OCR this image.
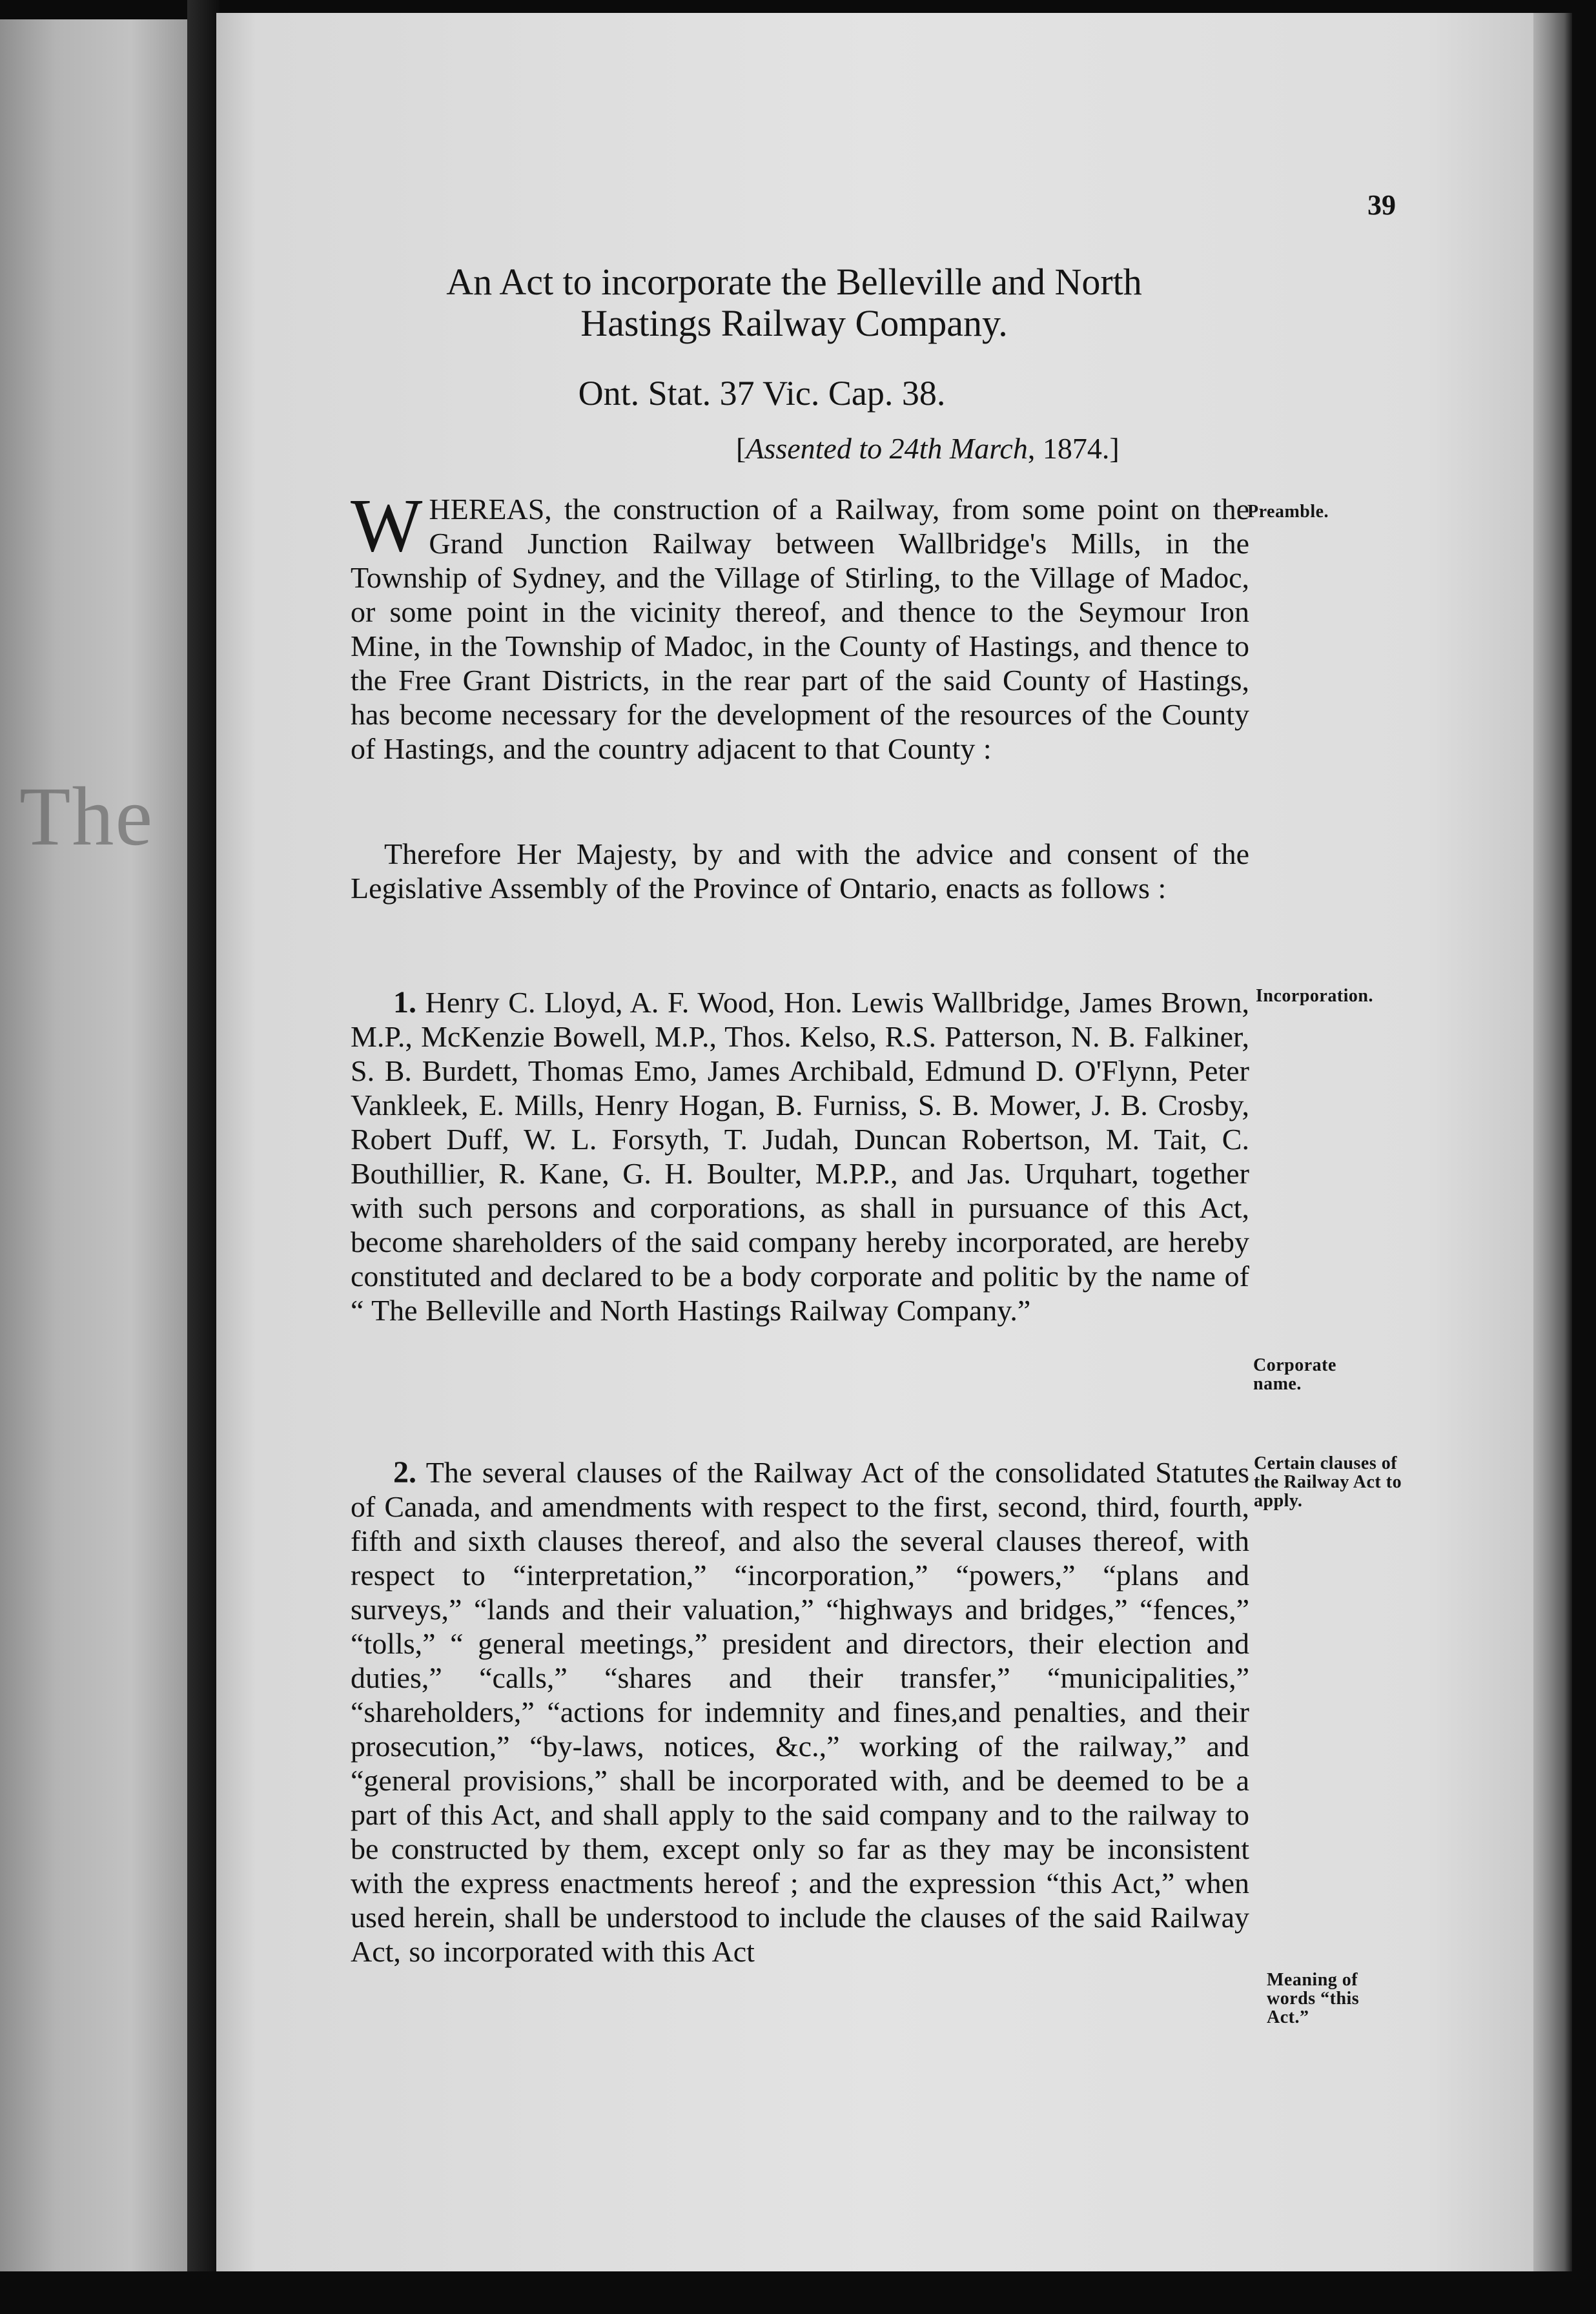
The
39
An Act to incorporate the Belleville and North
Hastings Railway Company.
Ont. Stat. 37 Vic. Cap. 38.
[Assented to 24th March, 1874.]
WHEREAS, the construction of a Railway, from some point on the Grand Junction Railway between Wallbridge's Mills, in the Township of Sydney, and the Village of Stirling, to the Village of Madoc, or some point in the vicinity thereof, and thence to the Seymour Iron Mine, in the Township of Madoc, in the County of Hastings, and thence to the Free Grant Districts, in the rear part of the said County of Hastings, has become necessary for the development of the resources of the County of Hastings, and the country adjacent to that County :
Therefore Her Majesty, by and with the advice and consent of the Legislative Assembly of the Province of Ontario, enacts as follows :
1. Henry C. Lloyd, A. F. Wood, Hon. Lewis Wallbridge, James Brown, M.P., McKenzie Bowell, M.P., Thos. Kelso, R.S. Patterson, N. B. Falkiner, S. B. Burdett, Thomas Emo, James Archibald, Edmund D. O'Flynn, Peter Vankleek, E. Mills, Henry Hogan, B. Furniss, S. B. Mower, J. B. Crosby, Robert Duff, W. L. Forsyth, T. Judah, Duncan Robertson, M. Tait, C. Bouthillier, R. Kane, G. H. Boulter, M.P.P., and Jas. Urquhart, together with such persons and corporations, as shall in pursuance of this Act, become shareholders of the said company hereby incorporated, are hereby constituted and declared to be a body corporate and politic by the name of “ The Belleville and North Hastings Railway Company.”
2. The several clauses of the Railway Act of the consolidated Statutes of Canada, and amendments with respect to the first, second, third, fourth, fifth and sixth clauses thereof, and also the several clauses thereof, with respect to “interpretation,” “incorporation,” “powers,” “plans and surveys,” “lands and their valuation,” “highways and bridges,” “fences,” “tolls,” “ general meetings,” president and directors, their election and duties,” “calls,” “shares and their transfer,” “municipalities,” “shareholders,” “actions for indemnity and fines,and penalties, and their prosecution,” “by-laws, notices, &c.,” working of the railway,” and “general provisions,” shall be incorporated with, and be deemed to be a part of this Act, and shall apply to the said company and to the railway to be constructed by them, except only so far as they may be inconsistent with the express enactments hereof ; and the expression “this Act,” when used herein, shall be understood to include the clauses of the said Railway Act, so incorporated with this Act
Preamble.
Incorporation.
Corporate name.
Certain clauses of the Railway Act to apply.
Meaning of words “this Act.”
